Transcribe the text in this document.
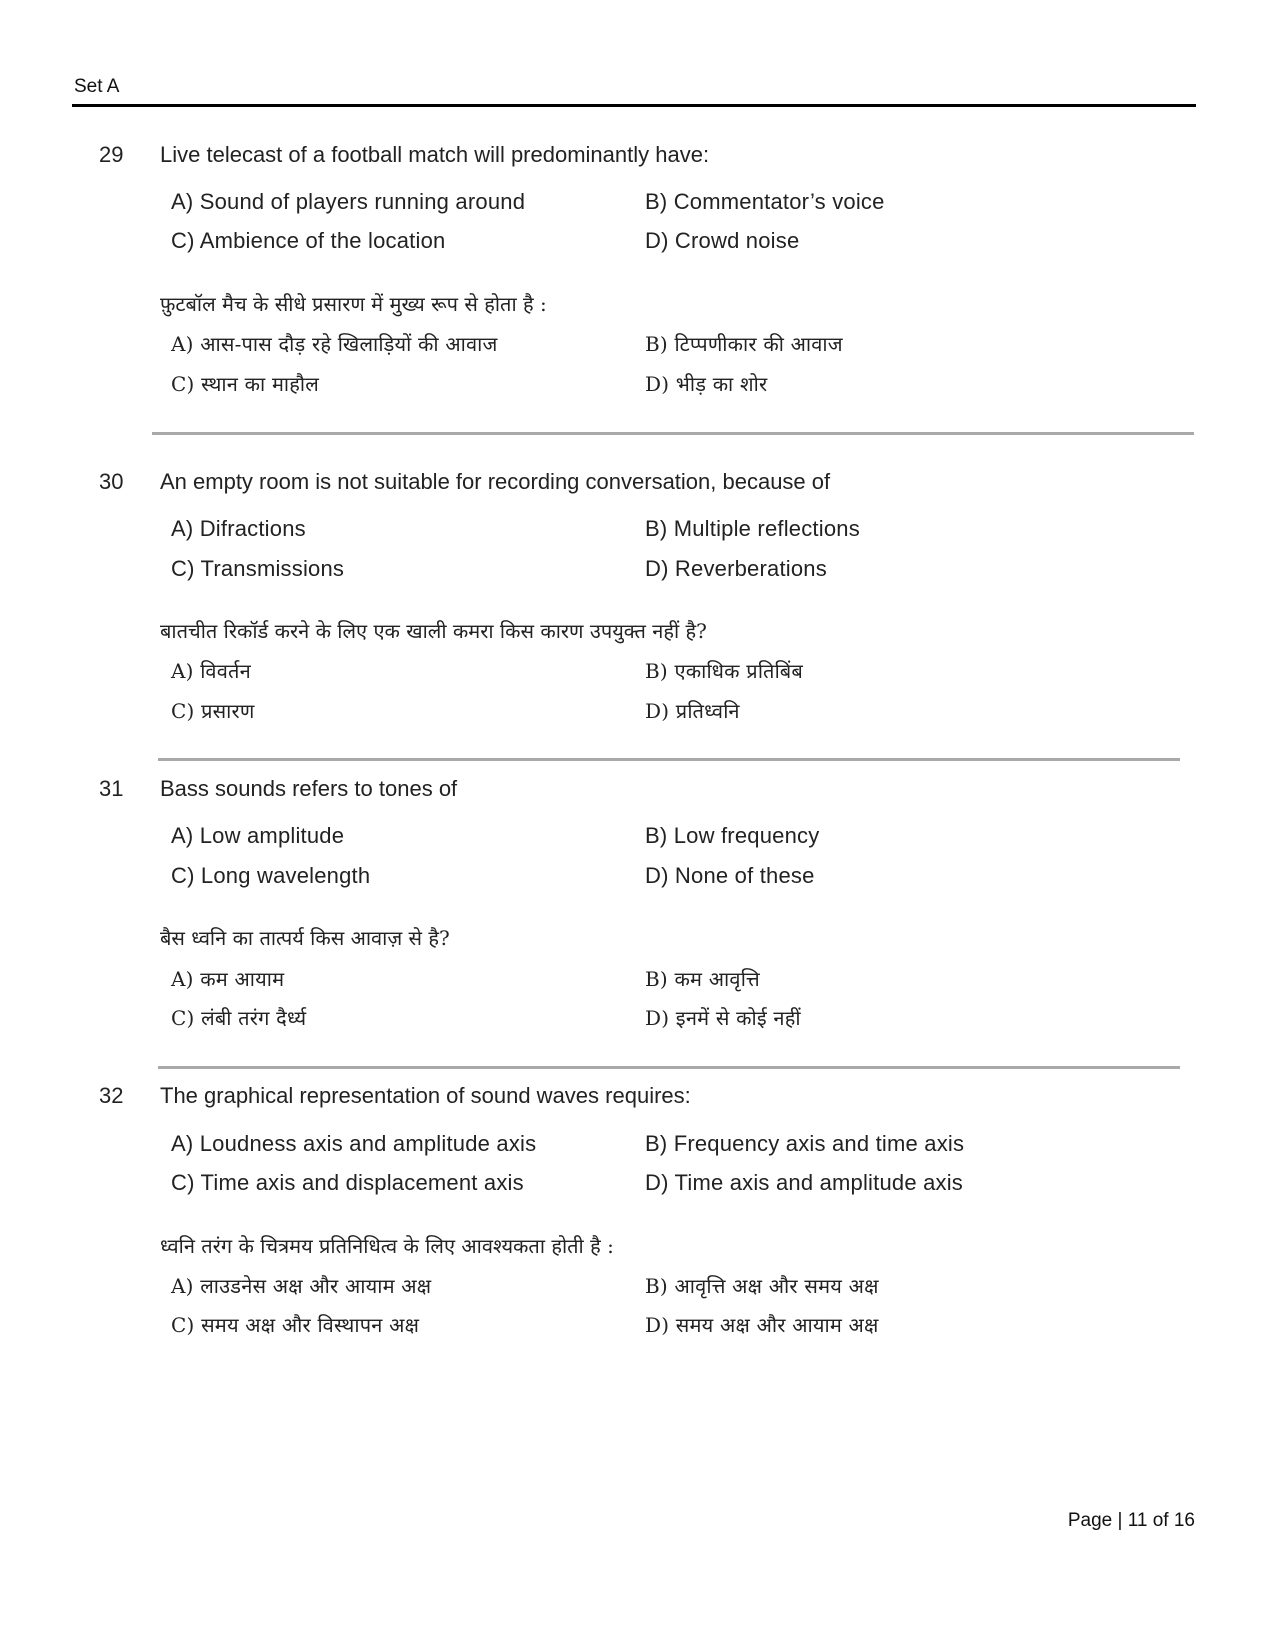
Set A
29 Live telecast of a football match will predominantly have:
A) Sound of players running around	B) Commentator’s voice
C) Ambience of the location	D) Crowd noise
फ़ुटबॉल मैच के सीधे प्रसारण में मुख्य रूप से होता है :
A) आस-पास दौड़ रहे खिलाड़ियों की आवाज	B) टिप्पणीकार की आवाज
C) स्थान का माहौल	D) भीड़ का शोर
30 An empty room is not suitable for recording conversation, because of
A) Difractions	B) Multiple reflections
C) Transmissions	D) Reverberations
बातचीत रिकॉर्ड करने के लिए एक खाली कमरा किस कारण उपयुक्त नहीं है?
A) विवर्तन	B) एकाधिक प्रतिबिंब
C) प्रसारण	D) प्रतिध्वनि
31 Bass sounds refers to tones of
A) Low amplitude	B) Low frequency
C) Long wavelength	D) None of these
बैस ध्वनि का तात्पर्य किस आवाज़ से है?
A) कम आयाम	B) कम आवृत्ति
C) लंबी तरंग दैर्ध्य	D) इनमें से कोई नहीं
32 The graphical representation of sound waves requires:
A) Loudness axis and amplitude axis	B) Frequency axis and time axis
C) Time axis and displacement axis	D) Time axis and amplitude axis
ध्वनि तरंग के चित्रमय प्रतिनिधित्व के लिए आवश्यकता होती है :
A) लाउडनेस अक्ष और आयाम अक्ष	B) आवृत्ति अक्ष और समय अक्ष
C) समय अक्ष और विस्थापन अक्ष	D) समय अक्ष और आयाम अक्ष
Page | 11 of 16
